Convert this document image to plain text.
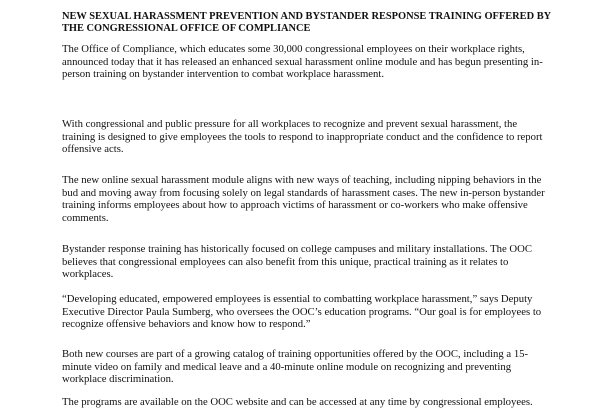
NEW SEXUAL HARASSMENT PREVENTION AND BYSTANDER RESPONSE TRAINING OFFERED BY THE CONGRESSIONAL OFFICE OF COMPLIANCE

The Office of Compliance, which educates some 30,000 congressional employees on their workplace rights, announced today that it has released an enhanced sexual harassment online module and has begun presenting in-person training on bystander intervention to combat workplace harassment.

With congressional and public pressure for all workplaces to recognize and prevent sexual harassment, the training is designed to give employees the tools to respond to inappropriate conduct and the confidence to report offensive acts.

The new online sexual harassment module aligns with new ways of teaching, including nipping behaviors in the bud and moving away from focusing solely on legal standards of harassment cases. The new in-person bystander training informs employees about how to approach victims of harassment or co-workers who make offensive comments.

Bystander response training has historically focused on college campuses and military installations. The OOC believes that congressional employees can also benefit from this unique, practical training as it relates to workplaces.

“Developing educated, empowered employees is essential to combatting workplace harassment,” says Deputy Executive Director Paula Sumberg, who oversees the OOC’s education programs. “Our goal is for employees to recognize offensive behaviors and know how to respond.”

Both new courses are part of a growing catalog of training opportunities offered by the OOC, including a 15-minute video on family and medical leave and a 40-minute online module on recognizing and preventing workplace discrimination.

The programs are available on the OOC website and can be accessed at any time by congressional employees.
